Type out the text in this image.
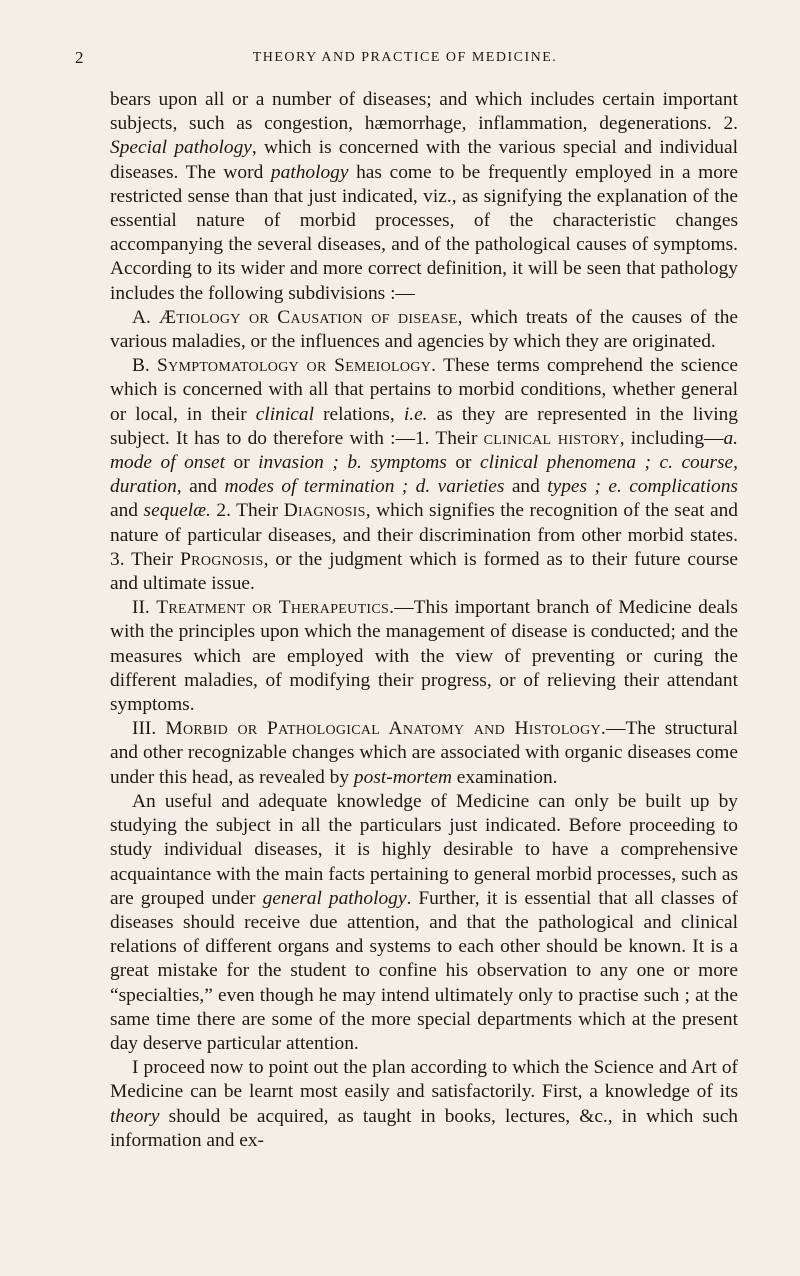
2	THEORY AND PRACTICE OF MEDICINE.

bears upon all or a number of diseases; and which includes certain important subjects, such as congestion, hæmorrhage, inflammation, degenerations. 2. Special pathology, which is concerned with the various special and individual diseases. The word pathology has come to be frequently employed in a more restricted sense than that just indicated, viz., as signifying the explanation of the essential nature of morbid processes, of the characteristic changes accompanying the several diseases, and of the pathological causes of symptoms. According to its wider and more correct definition, it will be seen that pathology includes the following subdivisions :—

A. Ætiology or Causation of disease, which treats of the causes of the various maladies, or the influences and agencies by which they are originated.

B. Symptomatology or Semeiology. These terms comprehend the science which is concerned with all that pertains to morbid conditions, whether general or local, in their clinical relations, i.e. as they are represented in the living subject. It has to do therefore with :—1. Their clinical history, including—a. mode of onset or invasion ; b. symptoms or clinical phenomena ; c. course, duration, and modes of termination ; d. varieties and types ; e. complications and sequelæ. 2. Their Diagnosis, which signifies the recognition of the seat and nature of particular diseases, and their discrimination from other morbid states. 3. Their Prognosis, or the judgment which is formed as to their future course and ultimate issue.

II. Treatment or Therapeutics.—This important branch of Medicine deals with the principles upon which the management of disease is conducted; and the measures which are employed with the view of preventing or curing the different maladies, of modifying their progress, or of relieving their attendant symptoms.

III. Morbid or Pathological Anatomy and Histology.—The structural and other recognizable changes which are associated with organic diseases come under this head, as revealed by post-mortem examination.

An useful and adequate knowledge of Medicine can only be built up by studying the subject in all the particulars just indicated. Before proceeding to study individual diseases, it is highly desirable to have a comprehensive acquaintance with the main facts pertaining to general morbid processes, such as are grouped under general pathology. Further, it is essential that all classes of diseases should receive due attention, and that the pathological and clinical relations of different organs and systems to each other should be known. It is a great mistake for the student to confine his observation to any one or more “specialties,” even though he may intend ultimately only to practise such ; at the same time there are some of the more special departments which at the present day deserve particular attention.

I proceed now to point out the plan according to which the Science and Art of Medicine can be learnt most easily and satisfactorily. First, a knowledge of its theory should be acquired, as taught in books, lectures, &c., in which such information and ex-
